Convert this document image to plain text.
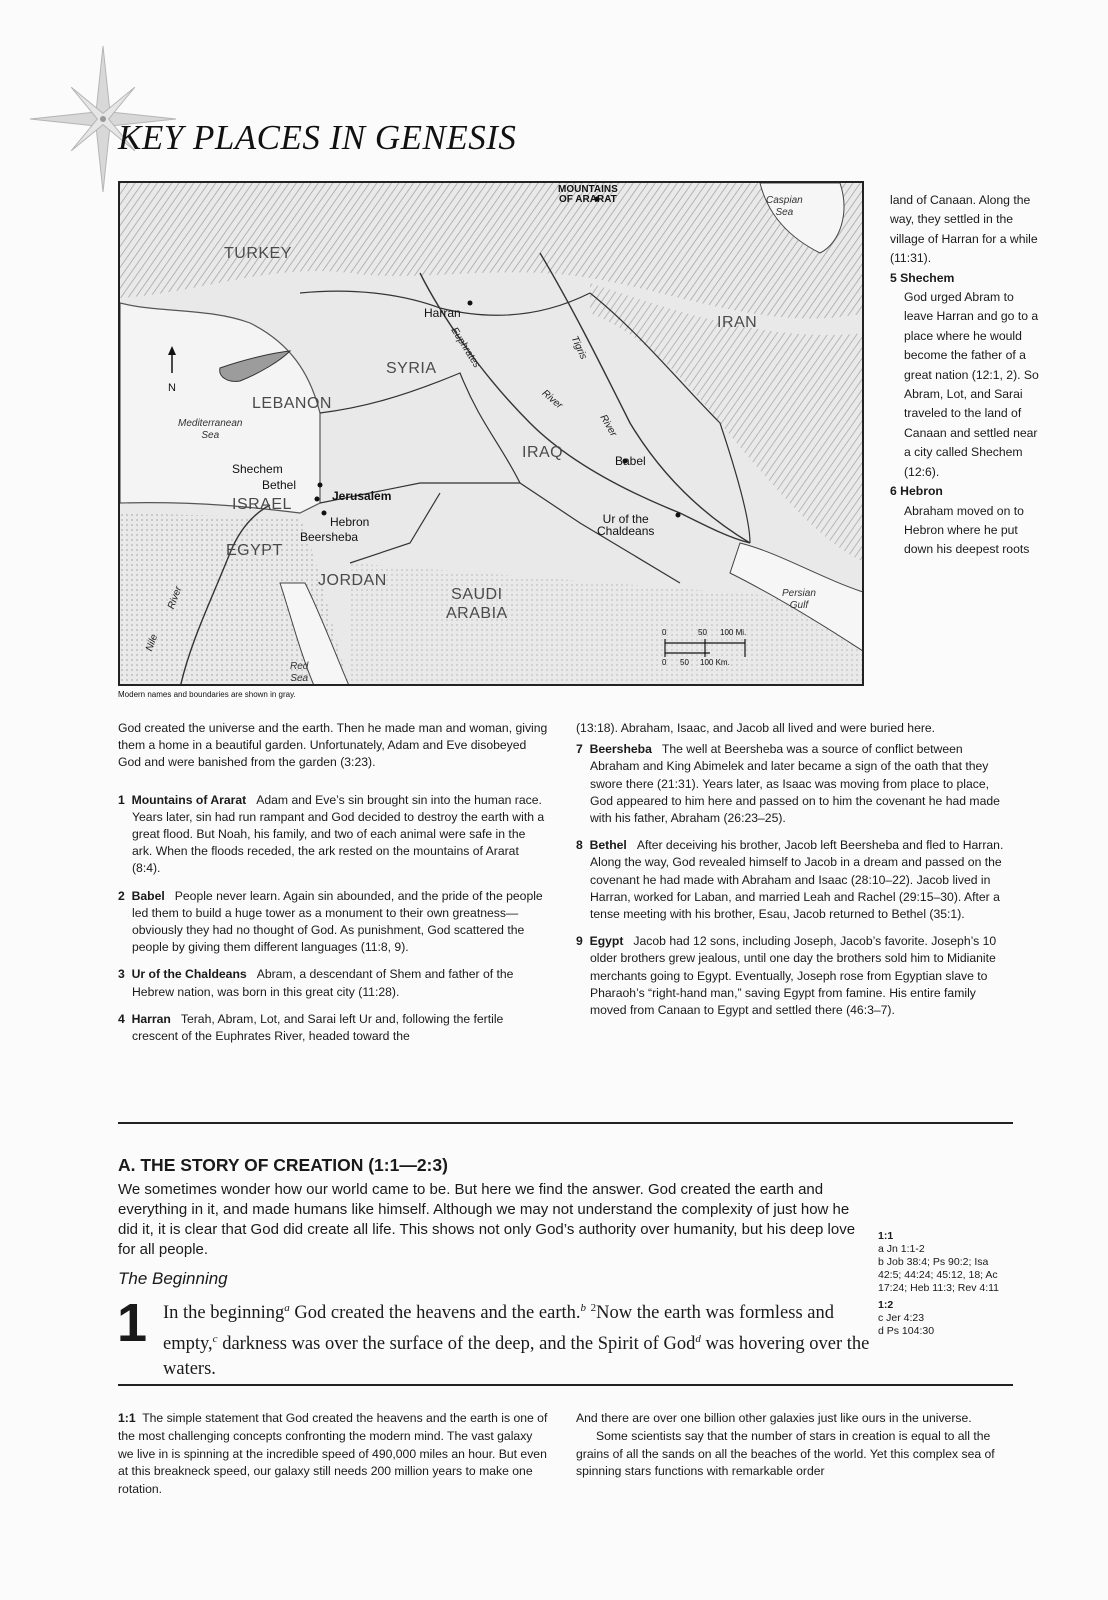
KEY PLACES IN GENESIS
TURKEY
SYRIA
LEBANON
IRAQ
IRAN
ISRAEL
EGYPT
JORDAN
SAUDI
ARABIA
Caspian
Sea
Mediterranean
Sea
Persian
Gulf
Red
Sea
MOUNTAINS
OF ARARAT
Harran
Babel
Ur of the
Chaldeans
Shechem
Bethel
Jerusalem
Hebron
Beersheba
Euphrates	Tigris
River
River
Nile
River
N
0	50 100 Mi.
0 50 100 Km.
Modern names and boundaries are shown in gray.

land of Canaan. Along the way, they settled in the village of Harran for a while (11:31).

5 Shechem
God urged Abram to leave Harran and go to a place where he would become the father of a great nation (12:1, 2). So Abram, Lot, and Sarai traveled to the land of Canaan and settled near a city called Shechem (12:6).

6 Hebron
Abraham moved on to Hebron where he put down his deepest roots

God created the universe and the earth. Then he made man and woman, giving them a home in a beautiful garden. Unfortunately, Adam and Eve disobeyed God and were banished from the garden (3:23).

1 Mountains of Ararat Adam and Eve’s sin brought sin into the human race. Years later, sin had run rampant and God decided to destroy the earth with a great flood. But Noah, his family, and two of each animal were safe in the ark. When the floods receded, the ark rested on the mountains of Ararat (8:4).

2 Babel People never learn. Again sin abounded, and the pride of the people led them to build a huge tower as a monument to their own greatness—obviously they had no thought of God. As punishment, God scattered the people by giving them different languages (11:8, 9).

3 Ur of the Chaldeans Abram, a descendant of Shem and father of the Hebrew nation, was born in this great city (11:28).

4 Harran Terah, Abram, Lot, and Sarai left Ur and, following the fertile crescent of the Euphrates River, headed toward the

(13:18). Abraham, Isaac, and Jacob all lived and were buried here.

7 Beersheba The well at Beersheba was a source of conflict between Abraham and King Abimelek and later became a sign of the oath that they swore there (21:31). Years later, as Isaac was moving from place to place, God appeared to him here and passed on to him the covenant he had made with his father, Abraham (26:23–25).

8 Bethel After deceiving his brother, Jacob left Beersheba and fled to Harran. Along the way, God revealed himself to Jacob in a dream and passed on the covenant he had made with Abraham and Isaac (28:10–22). Jacob lived in Harran, worked for Laban, and married Leah and Rachel (29:15–30). After a tense meeting with his brother, Esau, Jacob returned to Bethel (35:1).

9 Egypt Jacob had 12 sons, including Joseph, Jacob’s favorite. Joseph’s 10 older brothers grew jealous, until one day the brothers sold him to Midianite merchants going to Egypt. Eventually, Joseph rose from Egyptian slave to Pharaoh’s “right-hand man,” saving Egypt from famine. His entire family moved from Canaan to Egypt and settled there (46:3–7).

A. THE STORY OF CREATION (1:1—2:3)

We sometimes wonder how our world came to be. But here we find the answer. God created the earth and everything in it, and made humans like himself. Although we may not understand the complexity of just how he did it, it is clear that God did create all life. This shows not only God’s authority over humanity, but his deep love for all people.

The Beginning
1 In the beginning$^a$ God created the heavens and the earth.$^b$ $^2$Now the earth was formless and empty,$^c$ darkness was over the surface of the deep, and the Spirit of God$^d$ was hovering over the waters.

1:1
a Jn 1:1-2
b Job 38:4; Ps 90:2; Isa 42:5; 44:24; 45:12, 18; Ac 17:24; Heb 11:3; Rev 4:11
1:2
c Jer 4:23
d Ps 104:30

1:1 The simple statement that God created the heavens and the earth is one of the most challenging concepts confronting the modern mind. The vast galaxy we live in is spinning at the incredible speed of 490,000 miles an hour. But even at this breakneck speed, our galaxy still needs 200 million years to make one rotation.

And there are over one billion other galaxies just like ours in the universe.

Some scientists say that the number of stars in creation is equal to all the grains of all the sands on all the beaches of the world. Yet this complex sea of spinning stars functions with remarkable order
